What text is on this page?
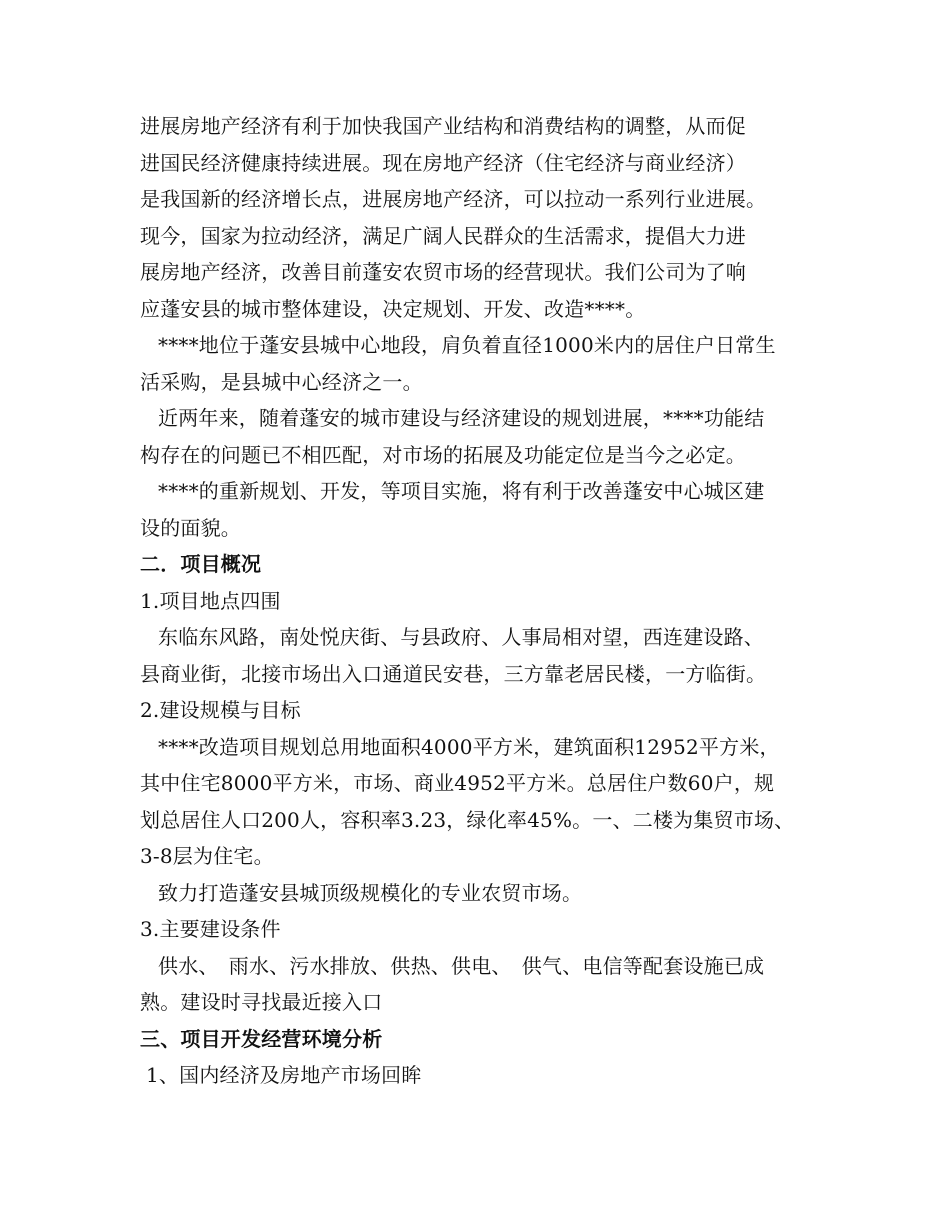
进展房地产经济有利于加快我国产业结构和消费结构的调整，从而促
进国民经济健康持续进展。现在房地产经济（住宅经济与商业经济）
是我国新的经济增长点，进展房地产经济，可以拉动一系列行业进展。
现今，国家为拉动经济，满足广阔人民群众的生活需求，提倡大力进
展房地产经济，改善目前蓬安农贸市场的经营现状。我们公司为了响
应蓬安县的城市整体建设，决定规划、开发、改造****。
****地位于蓬安县城中心地段，肩负着直径1000米内的居住户日常生
活采购，是县城中心经济之一。
近两年来，随着蓬安的城市建设与经济建设的规划进展，****功能结
构存在的问题已不相匹配，对市场的拓展及功能定位是当今之必定。
****的重新规划、开发，等项目实施，将有利于改善蓬安中心城区建
设的面貌。
二．项目概况
1.项目地点四围
东临东风路，南处悦庆街、与县政府、人事局相对望，西连建设路、
县商业街，北接市场出入口通道民安巷，三方靠老居民楼，一方临街。
2.建设规模与目标
****改造项目规划总用地面积4000平方米，建筑面积12952平方米，
其中住宅8000平方米，市场、商业4952平方米。总居住户数60户，规
划总居住人口200人，容积率3.23，绿化率45%。一、二楼为集贸市场、
3-8层为住宅。
致力打造蓬安县城顶级规模化的专业农贸市场。
3.主要建设条件
供水、　雨水、污水排放、供热、供电、　供气、电信等配套设施已成
熟。建设时寻找最近接入口
三、项目开发经营环境分析
1、国内经济及房地产市场回眸
